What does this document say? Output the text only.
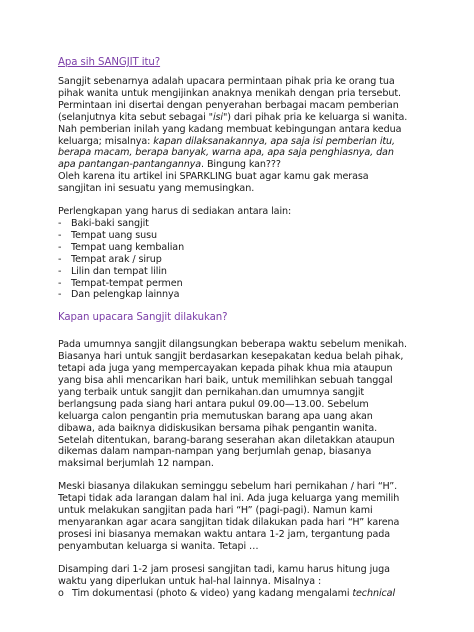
Apa sih SANGJIT itu?
Sangjit sebenarnya adalah upacara permintaan pihak pria ke orang tua
pihak wanita untuk mengijinkan anaknya menikah dengan pria tersebut.
Permintaan ini disertai dengan penyerahan berbagai macam pemberian
(selanjutnya kita sebut sebagai "isi") dari pihak pria ke keluarga si wanita.
Nah pemberian inilah yang kadang membuat kebingungan antara kedua
keluarga; misalnya: kapan dilaksanakannya, apa saja isi pemberian itu,
berapa macam, berapa banyak, warna apa, apa saja penghiasnya, dan
apa pantangan-pantangannya. Bingung kan???
Oleh karena itu artikel ini SPARKLING buat agar kamu gak merasa
sangjitan ini sesuatu yang memusingkan.
Perlengkapan yang harus di sediakan antara lain:
- Baki-baki sangjit
- Tempat uang susu
- Tempat uang kembalian
- Tempat arak / sirup
- Lilin dan tempat lilin
- Tempat-tempat permen
- Dan pelengkap lainnya
Kapan upacara Sangjit dilakukan?
Pada umumnya sangjit dilangsungkan beberapa waktu sebelum menikah.
Biasanya hari untuk sangjit berdasarkan kesepakatan kedua belah pihak,
tetapi ada juga yang mempercayakan kepada pihak khua mia ataupun
yang bisa ahli mencarikan hari baik, untuk memilihkan sebuah tanggal
yang terbaik untuk sangjit dan pernikahan.dan umumnya sangjit
berlangsung pada siang hari antara pukul 09.00—13.00. Sebelum
keluarga calon pengantin pria memutuskan barang apa uang akan
dibawa, ada baiknya didiskusikan bersama pihak pengantin wanita.
Setelah ditentukan, barang-barang seserahan akan diletakkan ataupun
dikemas dalam nampan-nampan yang berjumlah genap, biasanya
maksimal berjumlah 12 nampan.
Meski biasanya dilakukan seminggu sebelum hari pernikahan / hari “H”.
Tetapi tidak ada larangan dalam hal ini. Ada juga keluarga yang memilih
untuk melakukan sangjitan pada hari “H” (pagi-pagi). Namun kami
menyarankan agar acara sangjitan tidak dilakukan pada hari “H” karena
prosesi ini biasanya memakan waktu antara 1-2 jam, tergantung pada
penyambutan keluarga si wanita. Tetapi …
Disamping dari 1-2 jam prosesi sangjitan tadi, kamu harus hitung juga
waktu yang diperlukan untuk hal-hal lainnya. Misalnya :
o Tim dokumentasi (photo & video) yang kadang mengalami technical
